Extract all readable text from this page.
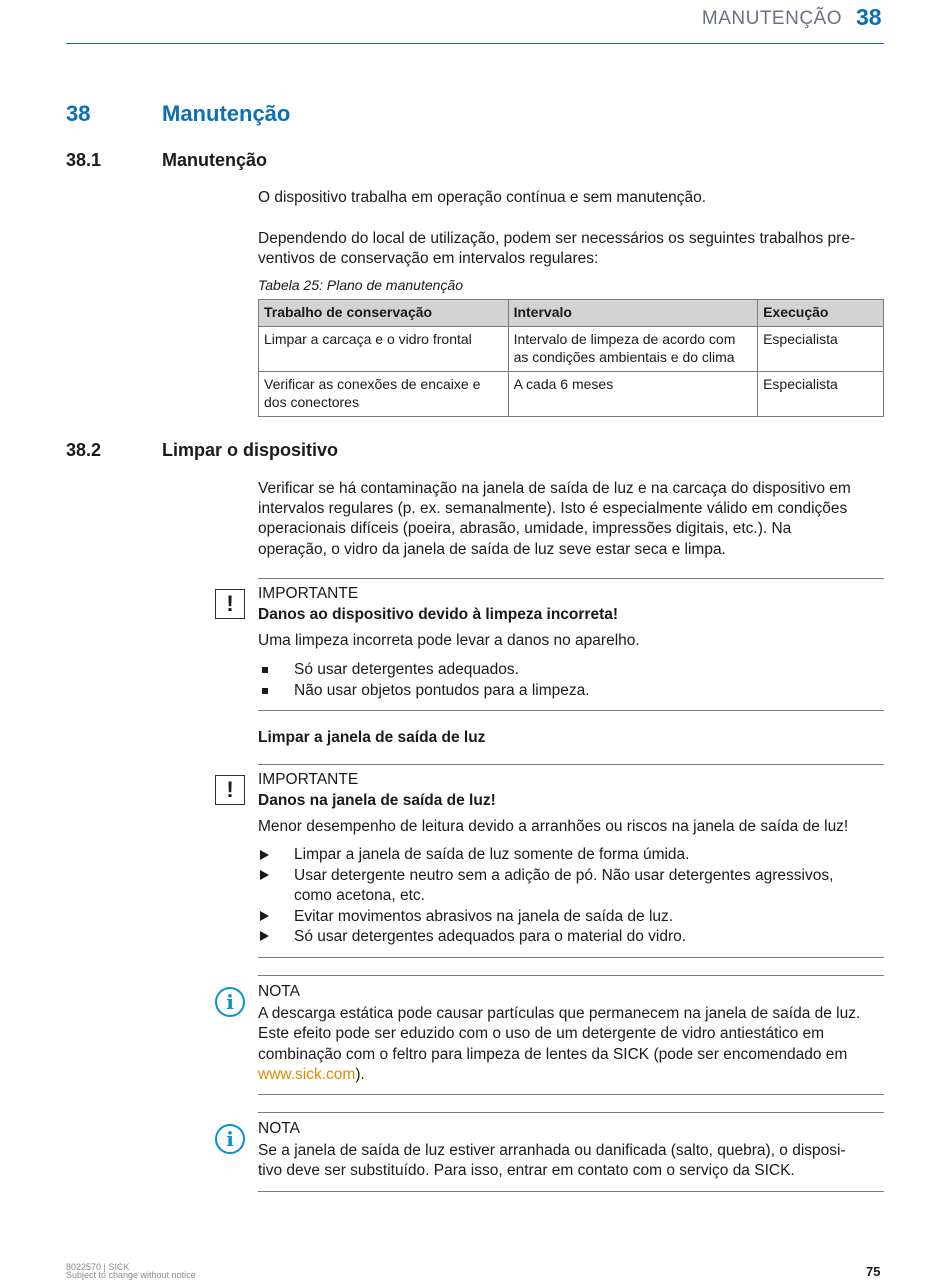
MANUTENÇÃO 38
38	Manutenção
38.1	Manutenção
O dispositivo trabalha em operação contínua e sem manutenção.
Dependendo do local de utilização, podem ser necessários os seguintes trabalhos pre-
ventivos de conservação em intervalos regulares:
Tabela 25: Plano de manutenção
Trabalho de conservação	Intervalo	Execução
Limpar a carcaça e o vidro frontal	Intervalo de limpeza de acordo com as condições ambientais e do clima	Especialista
Verificar as conexões de encaixe e dos conectores	A cada 6 meses	Especialista
38.2	Limpar o dispositivo
Verificar se há contaminação na janela de saída de luz e na carcaça do dispositivo em
intervalos regulares (p. ex. semanalmente). Isto é especialmente válido em condições
operacionais difíceis (poeira, abrasão, umidade, impressões digitais, etc.). Na
operação, o vidro da janela de saída de luz seve estar seca e limpa.
!	IMPORTANTE
Danos ao dispositivo devido à limpeza incorreta!
Uma limpeza incorreta pode levar a danos no aparelho.
Só usar detergentes adequados.
Não usar objetos pontudos para a limpeza.
Limpar a janela de saída de luz
!	IMPORTANTE
Danos na janela de saída de luz!
Menor desempenho de leitura devido a arranhões ou riscos na janela de saída de luz!
Limpar a janela de saída de luz somente de forma úmida.
Usar detergente neutro sem a adição de pó. Não usar detergentes agressivos,
como acetona, etc.
Evitar movimentos abrasivos na janela de saída de luz.
Só usar detergentes adequados para o material do vidro.
i	NOTA
A descarga estática pode causar partículas que permanecem na janela de saída de luz.
Este efeito pode ser eduzido com o uso de um detergente de vidro antiestático em
combinação com o feltro para limpeza de lentes da SICK (pode ser encomendado em
www.sick.com).
i	NOTA
Se a janela de saída de luz estiver arranhada ou danificada (salto, quebra), o disposi-
tivo deve ser substituído. Para isso, entrar em contato com o serviço da SICK.
8022570 | SICK
Subject to change without notice	75
